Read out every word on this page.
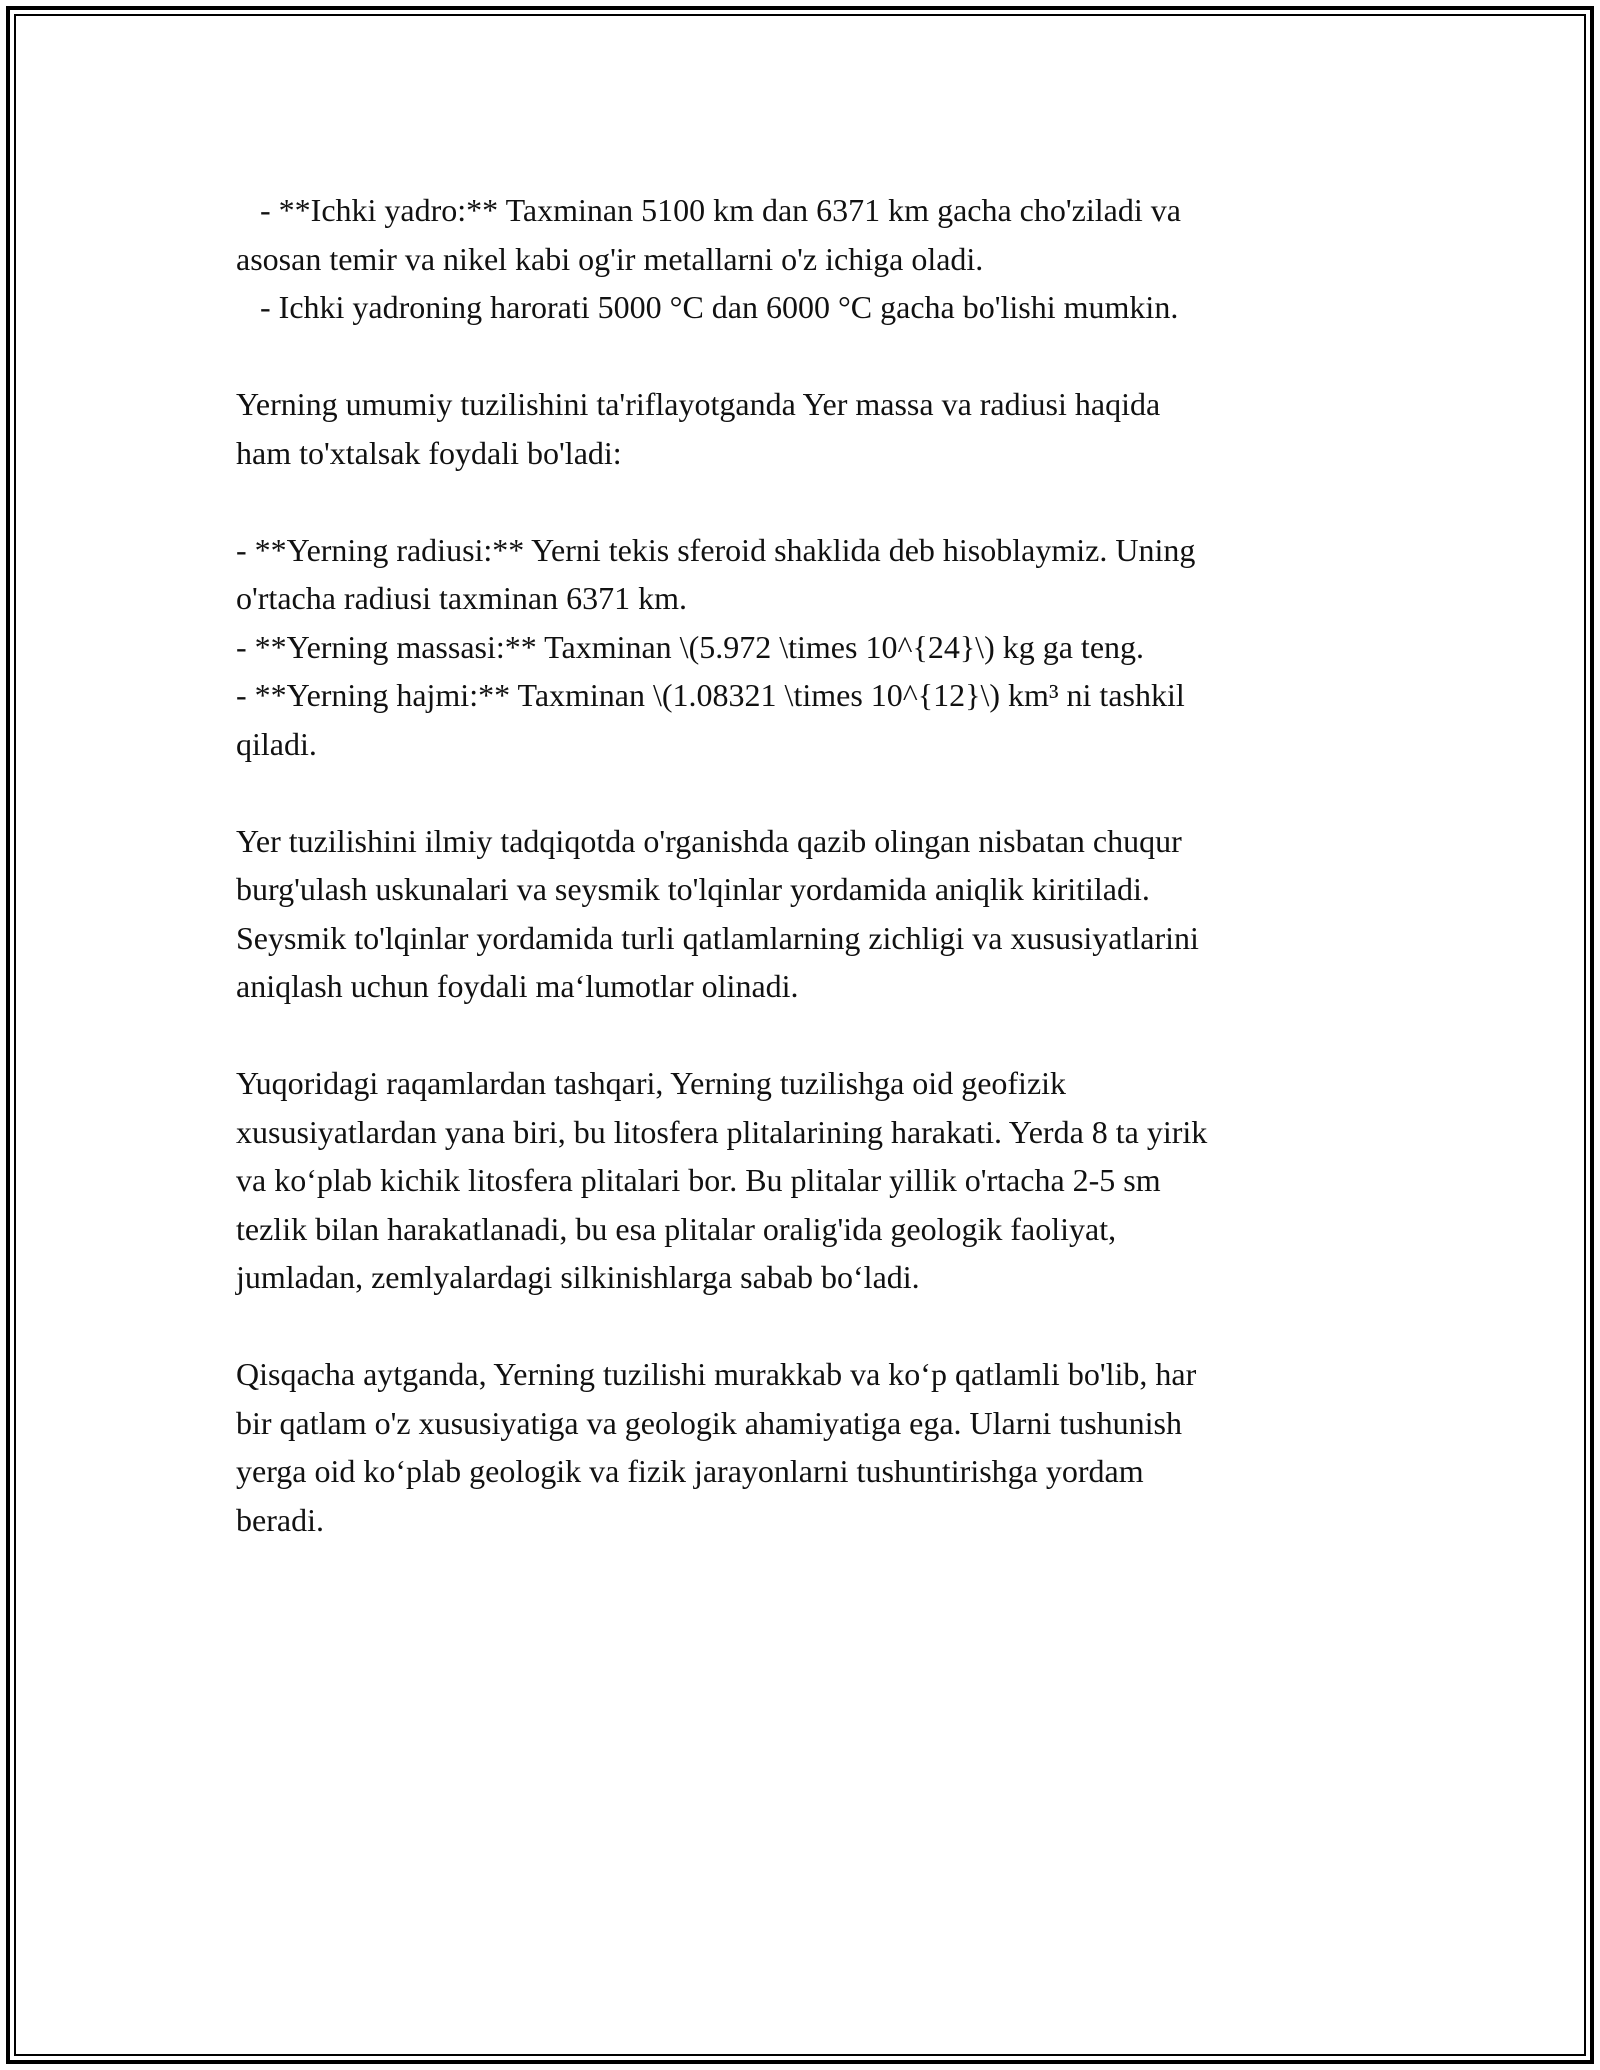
- **Ichki yadro:** Taxminan 5100 km dan 6371 km gacha cho'ziladi va
asosan temir va nikel kabi og'ir metallarni o'z ichiga oladi.
- Ichki yadroning harorati 5000 °C dan 6000 °C gacha bo'lishi mumkin.
Yerning umumiy tuzilishini ta'riflayotganda Yer massa va radiusi haqida
ham to'xtalsak foydali bo'ladi:
- **Yerning radiusi:** Yerni tekis sferoid shaklida deb hisoblaymiz. Uning
o'rtacha radiusi taxminan 6371 km.
- **Yerning massasi:** Taxminan \(5.972 \times 10^{24}\) kg ga teng.
- **Yerning hajmi:** Taxminan \(1.08321 \times 10^{12}\) km³ ni tashkil
qiladi.
Yer tuzilishini ilmiy tadqiqotda o'rganishda qazib olingan nisbatan chuqur
burg'ulash uskunalari va seysmik to'lqinlar yordamida aniqlik kiritiladi.
Seysmik to'lqinlar yordamida turli qatlamlarning zichligi va xususiyatlarini
aniqlash uchun foydali ma‘lumotlar olinadi.
Yuqoridagi raqamlardan tashqari, Yerning tuzilishga oid geofizik
xususiyatlardan yana biri, bu litosfera plitalarining harakati. Yerda 8 ta yirik
va ko‘plab kichik litosfera plitalari bor. Bu plitalar yillik o'rtacha 2-5 sm
tezlik bilan harakatlanadi, bu esa plitalar oralig'ida geologik faoliyat,
jumladan, zemlyalardagi silkinishlarga sabab bo‘ladi.
Qisqacha aytganda, Yerning tuzilishi murakkab va ko‘p qatlamli bo'lib, har
bir qatlam o'z xususiyatiga va geologik ahamiyatiga ega. Ularni tushunish
yerga oid ko‘plab geologik va fizik jarayonlarni tushuntirishga yordam
beradi.
